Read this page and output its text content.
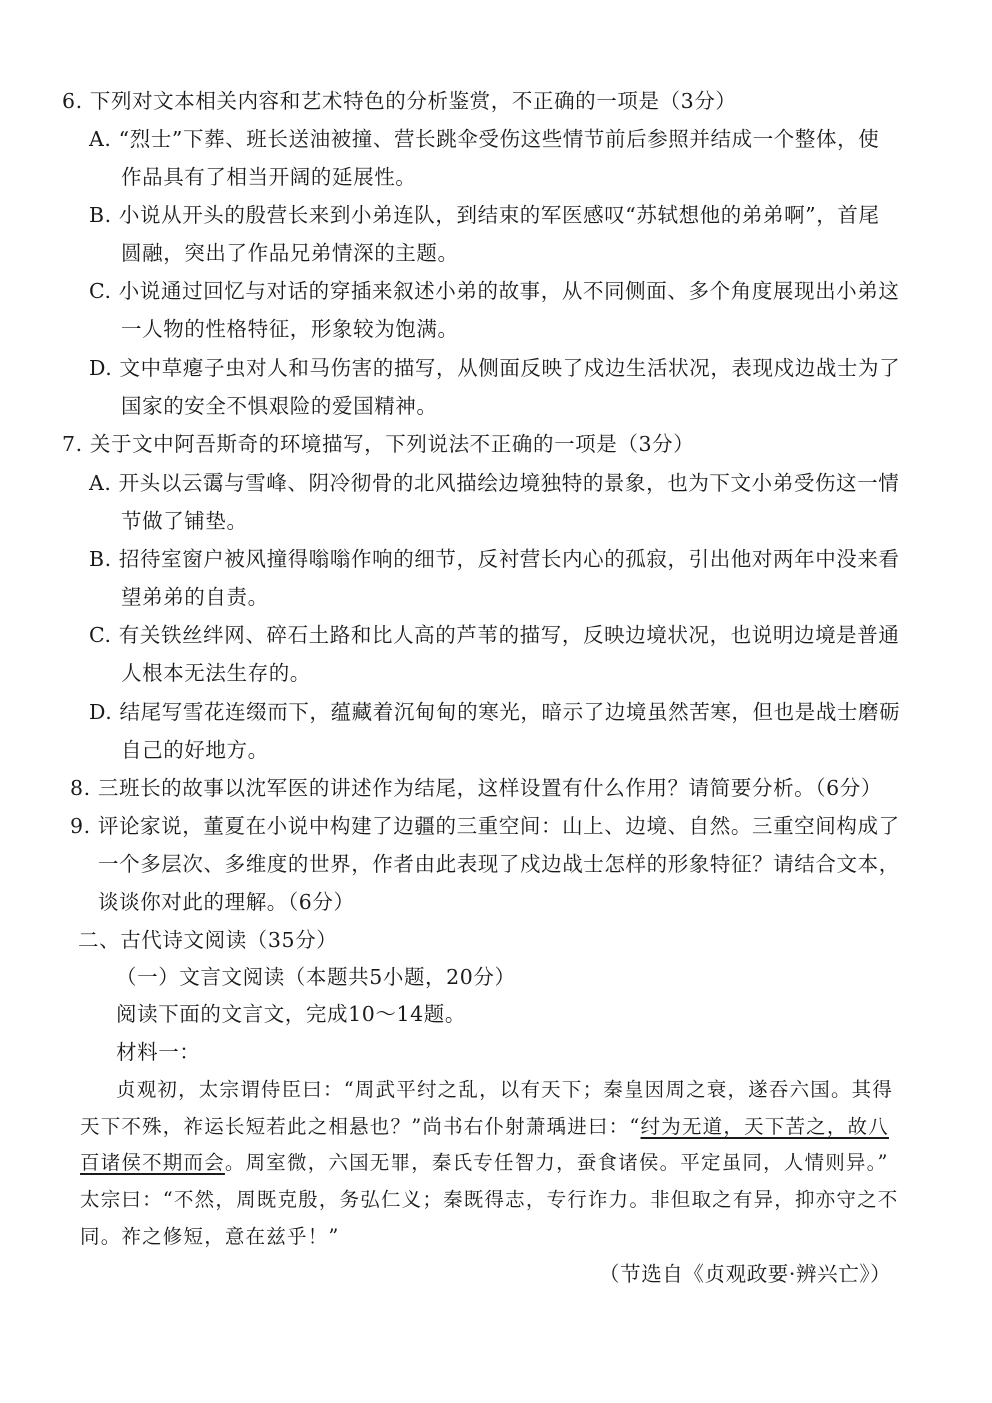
6. 下列对文本相关内容和艺术特色的分析鉴赏，不正确的一项是（3分）
A. “烈士”下葬、班长送油被撞、营长跳伞受伤这些情节前后参照并结成一个整体，使
作品具有了相当开阔的延展性。
B. 小说从开头的殷营长来到小弟连队，到结束的军医感叹“苏轼想他的弟弟啊”，首尾
圆融，突出了作品兄弟情深的主题。
C. 小说通过回忆与对话的穿插来叙述小弟的故事，从不同侧面、多个角度展现出小弟这
一人物的性格特征，形象较为饱满。
D. 文中草瘪子虫对人和马伤害的描写，从侧面反映了戍边生活状况，表现戍边战士为了
国家的安全不惧艰险的爱国精神。
7. 关于文中阿吾斯奇的环境描写，下列说法不正确的一项是（3分）
A. 开头以云霭与雪峰、阴冷彻骨的北风描绘边境独特的景象，也为下文小弟受伤这一情
节做了铺垫。
B. 招待室窗户被风撞得嗡嗡作响的细节，反衬营长内心的孤寂，引出他对两年中没来看
望弟弟的自责。
C. 有关铁丝绊网、碎石土路和比人高的芦苇的描写，反映边境状况，也说明边境是普通
人根本无法生存的。
D. 结尾写雪花连缀而下，蕴藏着沉甸甸的寒光，暗示了边境虽然苦寒，但也是战士磨砺
自己的好地方。
8. 三班长的故事以沈军医的讲述作为结尾，这样设置有什么作用？请简要分析。（6分）
9. 评论家说，董夏在小说中构建了边疆的三重空间：山上、边境、自然。三重空间构成了
一个多层次、多维度的世界，作者由此表现了戍边战士怎样的形象特征？请结合文本，
谈谈你对此的理解。（6分）
二、古代诗文阅读（35分）
（一）文言文阅读（本题共5小题，20分）
阅读下面的文言文，完成10～14题。
材料一：
贞观初，太宗谓侍臣曰：“周武平纣之乱，以有天下；秦皇因周之衰，遂吞六国。其得
天下不殊，祚运长短若此之相悬也？”尚书右仆射萧瑀进曰：“纣为无道，天下苦之，故八
百诸侯不期而会。周室微，六国无罪，秦氏专任智力，蚕食诸侯。平定虽同，人情则异。”
太宗曰：“不然，周既克殷，务弘仁义；秦既得志，专行诈力。非但取之有异，抑亦守之不
同。祚之修短，意在兹乎！”
（节选自《贞观政要·辨兴亡》）
